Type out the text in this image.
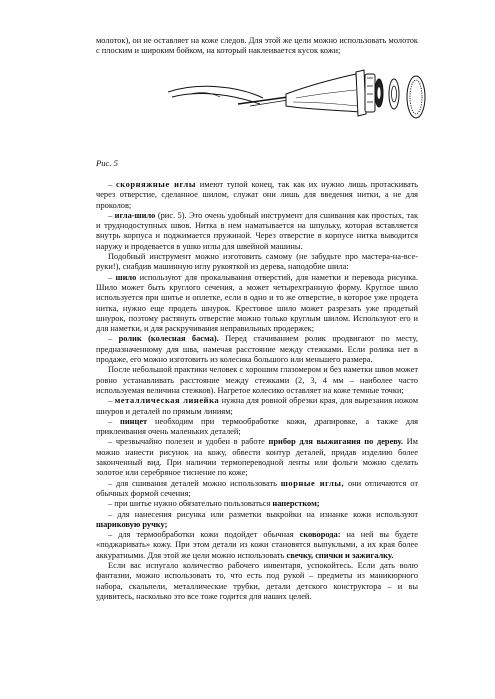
молоток), он не оставляет на коже следов. Для этой же цели можно использовать молоток с плоским и широким бойком, на который наклеивается кусок кожи;

Рис. 5

– скорняжные иглы имеют тупой конец, так как их нужно лишь протаскивать через отверстие, сделанное шилом, служат они лишь для введения нитки, а не для проколов;

– игла-шило (рис. 5). Это очень удобный инструмент для сшивания как простых, так и труднодоступных швов. Нитка в нем наматывается на шпульку, которая вставляется внутрь корпуса и поджимается пружиной. Через отверстие в корпусе нитка выводится наружу и продевается в ушко иглы для швейной машины.

Подобный инструмент можно изготовить самому (не забудьте про мастера-на-все-руки!), снабдив машинную иглу рукояткой из дерева, наподобие шила:

– шило используют для прокалывания отверстий, для наметки и перевода рисунка. Шило может быть круглого сечения, а может четырехгранную форму. Круглое шило используется при шитье и оплетке, если в одно и то же отверстие, в которое уже продета нитка, нужно еще продеть шнурок. Крестовое шило может разрезать уже продетый шнурок, поэтому растянуть отверстие можно только круглым шилом. Используют его и для наметки, и для раскручивания неправильных продержек;

– ролик (колесная басма). Перед стачиванием ролик продвигают по месту, предназначенному для шва, намечая расстояние между стежками. Если ролика нет в продаже, его можно изготовить из колесика большого или меньшего размера.

После небольшой практики человек с хорошим глазомером и без наметки швов может ровно устанавливать расстояние между стежками (2, 3, 4 мм – наиболее часто используемая величина стежков). Нагретое колесико оставляет на коже темные точки;

– металлическая линейка нужна для ровной обрезки края, для вырезания ножом шнуров и деталей по прямым линиям;

– пинцет необходим при термообработке кожи, драпировке, а также для приклеивания очень маленьких деталей;

– чрезвычайно полезен и удобен в работе прибор для выжигания по дереву. Им можно нанести рисунок на кожу, обвести контур деталей, придав изделию более законченный вид. При наличии термопереводной ленты или фольги можно сделать золотое или серебряное тиснение по коже;

– для сшивания деталей можно использовать шорные иглы, они отличаются от обычных формой сечения;

– при шитье нужно обязательно пользоваться наперстком;

– для нанесения рисунка или разметки выкройки на изнанке кожи используют шариковую ручку;

– для термообработки кожи подойдет обычная сковорода: на ней вы будете «поджаривать» кожу. При этом детали из кожи становятся выпуклыми, а их края более аккуратными. Для этой же цели можно использовать свечку, спички и зажигалку.

Если вас испугало количество рабочего инвентаря, успокойтесь. Если дать волю фантазии, можно использовать то, что есть под рукой – предметы из маникюрного набора, скальпели, металлические трубки, детали детского конструктора – и вы удивитесь, насколько это все тоже годится для наших целей.
